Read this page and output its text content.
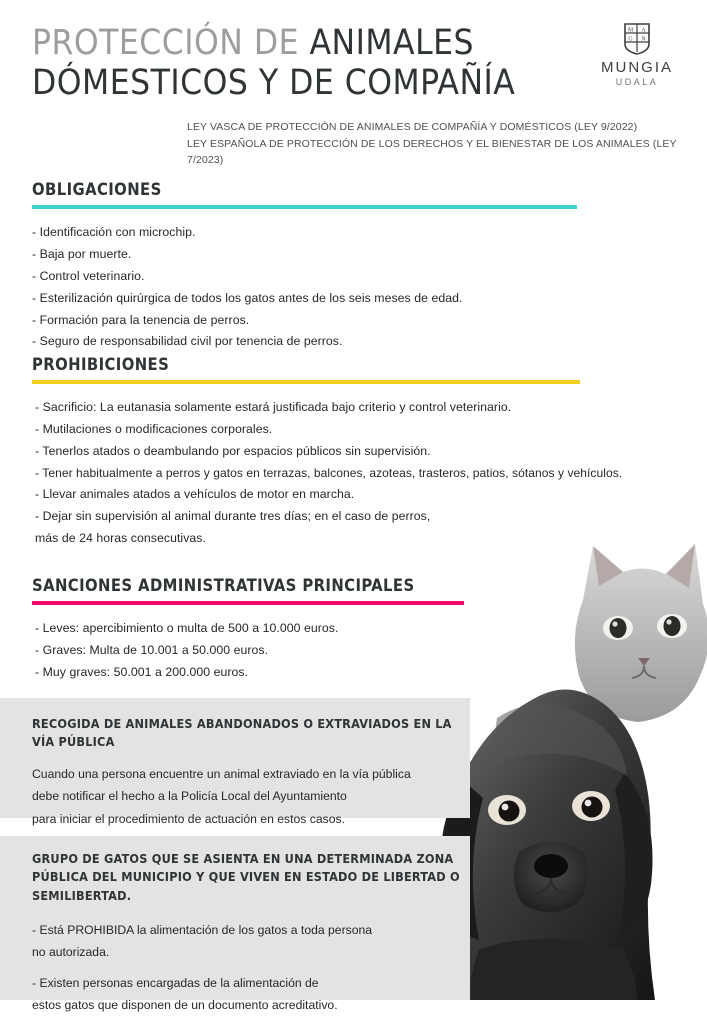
M A
G N
I
MUNGIA
UDALA
PROTECCIÓN DE ANIMALES
DÓMESTICOS Y DE COMPAÑÍA
LEY VASCA DE PROTECCIÓN DE ANIMALES DE COMPAÑÍA Y DOMÉSTICOS (LEY 9/2022)
LEY ESPAÑOLA DE PROTECCIÓN DE LOS DERECHOS Y EL BIENESTAR DE LOS ANIMALES (LEY 7/2023)
OBLIGACIONES
- Identificación con microchip.
- Baja por muerte.
- Control veterinario.
- Esterilización quirúrgica de todos los gatos antes de los seis meses de edad.
- Formación para la tenencia de perros.
- Seguro de responsabilidad civil por tenencia de perros.
PROHIBICIONES
- Sacrificio: La eutanasia solamente estará justificada bajo criterio y control veterinario.
- Mutilaciones o modificaciones corporales.
- Tenerlos atados o deambulando por espacios públicos sin supervisión.
- Tener habitualmente a perros y gatos en terrazas, balcones, azoteas, trasteros, patios, sótanos y vehículos.
- Llevar animales atados a vehículos de motor en marcha.
- Dejar sin supervisión al animal durante tres días; en el caso de perros,
más de 24 horas consecutivas.
SANCIONES ADMINISTRATIVAS PRINCIPALES
- Leves: apercibimiento o multa de 500 a 10.000 euros.
- Graves: Multa de 10.001 a 50.000 euros.
- Muy graves: 50.001 a 200.000 euros.
RECOGIDA DE ANIMALES ABANDONADOS O EXTRAVIADOS EN LA VÍA PÚBLICA
Cuando una persona encuentre un animal extraviado en la vía pública
debe notificar el hecho a la Policía Local del Ayuntamiento
para iniciar el procedimiento de actuación en estos casos.
GRUPO DE GATOS QUE SE ASIENTA EN UNA DETERMINADA ZONA PÚBLICA DEL MUNICIPIO Y QUE VIVEN EN ESTADO DE LIBERTAD O SEMILIBERTAD.
- Está PROHIBIDA la alimentación de los gatos a toda persona
no autorizada.
- Existen personas encargadas de la alimentación de
estos gatos que disponen de un documento acreditativo.
